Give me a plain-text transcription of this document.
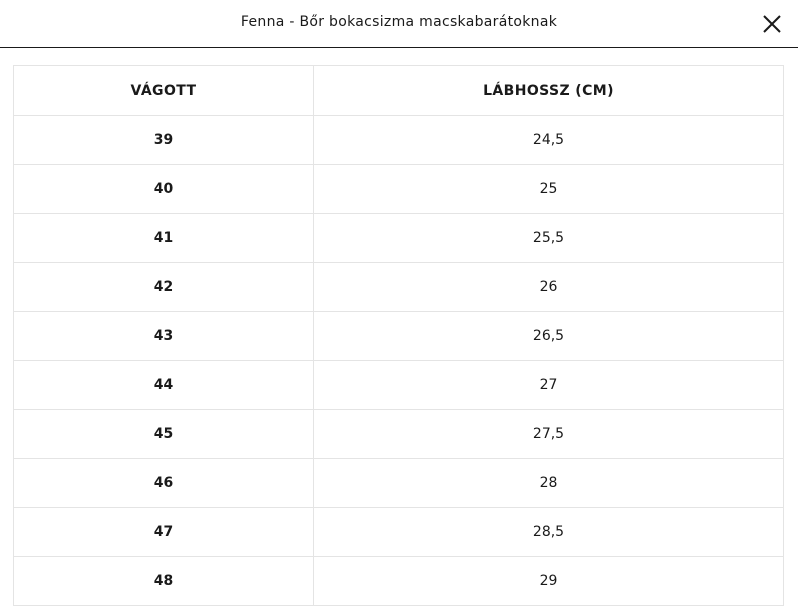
Fenna - Bőr bokacsizma macskabarátoknak
VÁGOTT	LÁBHOSSZ (CM)
39	24,5
40	25
41	25,5
42	26
43	26,5
44	27
45	27,5
46	28
47	28,5
48	29
